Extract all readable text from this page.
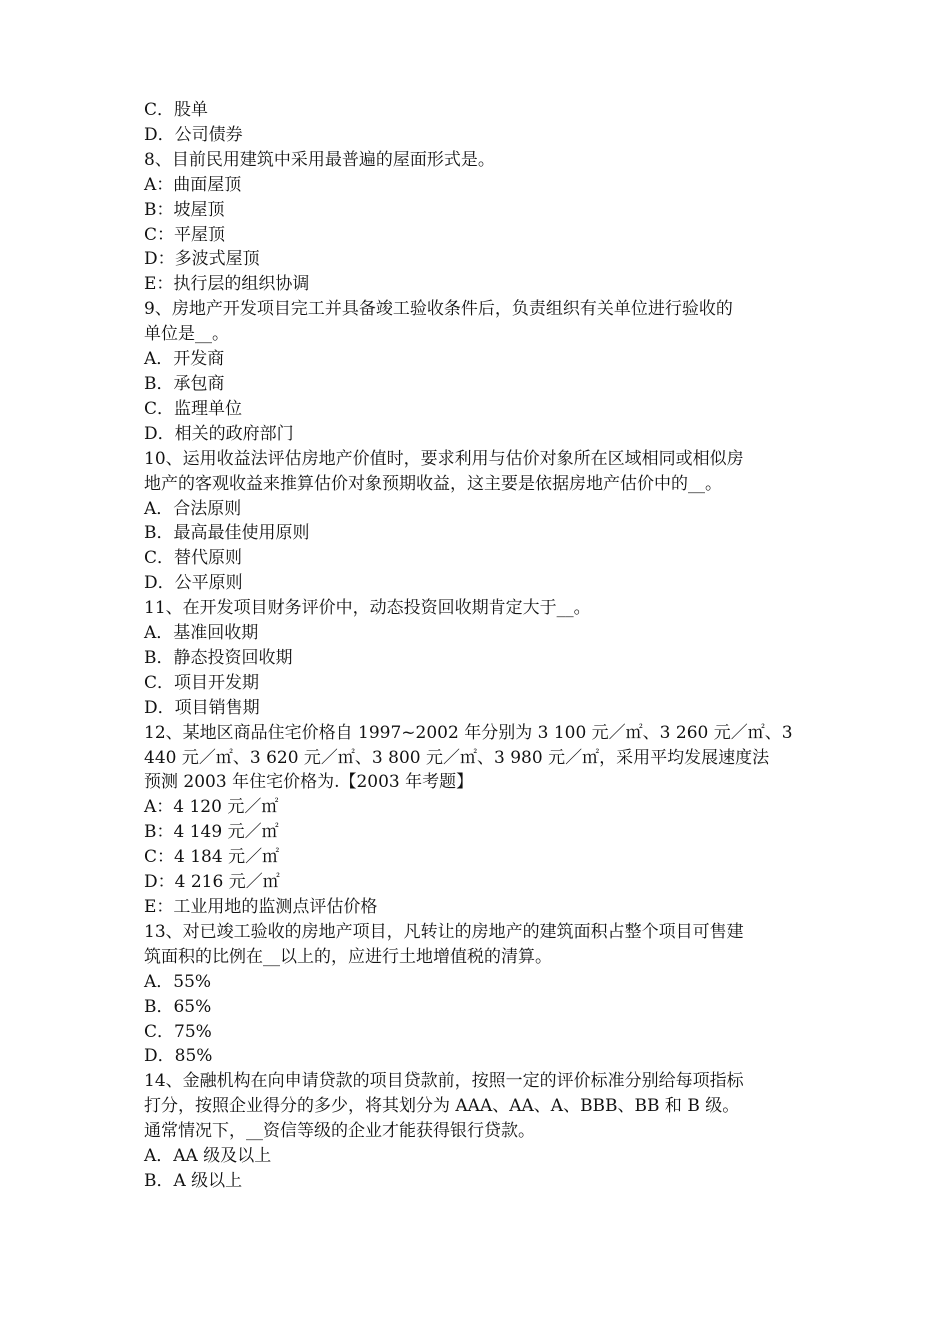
C．股单
D．公司债券
8、目前民用建筑中采用最普遍的屋面形式是。
A：曲面屋顶
B：坡屋顶
C：平屋顶
D：多波式屋顶
E：执行层的组织协调
9、房地产开发项目完工并具备竣工验收条件后，负责组织有关单位进行验收的
单位是__。
A．开发商
B．承包商
C．监理单位
D．相关的政府部门
10、运用收益法评估房地产价值时，要求利用与估价对象所在区域相同或相似房
地产的客观收益来推算估价对象预期收益，这主要是依据房地产估价中的__。
A．合法原则
B．最高最佳使用原则
C．替代原则
D．公平原则
11、在开发项目财务评价中，动态投资回收期肯定大于__。
A．基准回收期
B．静态投资回收期
C．项目开发期
D．项目销售期
12、某地区商品住宅价格自 1997~2002 年分别为 3 100 元／㎡、3 260 元／㎡、3
440 元／㎡、3 620 元／㎡、3 800 元／㎡、3 980 元／㎡，采用平均发展速度法
预测 2003 年住宅价格为.【2003 年考题】
A：4 120 元／㎡
B：4 149 元／㎡
C：4 184 元／㎡
D：4 216 元／㎡
E：工业用地的监测点评估价格
13、对已竣工验收的房地产项目，凡转让的房地产的建筑面积占整个项目可售建
筑面积的比例在__以上的，应进行土地增值税的清算。
A．55%
B．65%
C．75%
D．85%
14、金融机构在向申请贷款的项目贷款前，按照一定的评价标准分别给每项指标
打分，按照企业得分的多少，将其划分为 AAA、AA、A、BBB、BB 和 B 级。
通常情况下，__资信等级的企业才能获得银行贷款。
A．AA 级及以上
B．A 级以上
